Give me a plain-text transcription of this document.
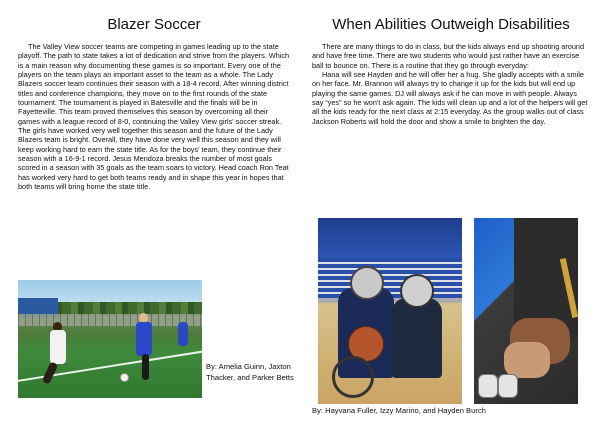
Blazer Soccer

The Valley View soccer teams are competing in games leading up to the state playoff. The path to state takes a lot of dedication and strive from the players. Which is a main reason why documenting these games is so important. Every one of the players on the team plays an important asset to the team as a whole. The Lady Blazers soccer team continues their season with a 18-4 record. After winning district titles and conference champions, they move on to the first rounds of the state tournament. The tournament is played in Batesville and the finals will be in Fayetteville. This team proved themselves this season by overcoming all their games with a league record of 8-0, continuing the Valley View girls' soccer streak. The girls have worked very well together this season and the future of the Lady Blazers team is bright. Overall, they have done very well this season and they will keep working hard to earn the state title. As for the boys' team, they continue their season with a 16-9-1 record. Jesus Mendoza breaks the number of most goals scored in a season with 35 goals as the team soars to victory. Head coach Ron Teat has worked very hard to get both teams ready and in shape this year in hopes that both teams will bring home the state title.

By: Amelia Guinn, Jaxton Thacker, and Parker Betts
When Abilities Outweigh Disabilities

There are many things to do in class, but the kids always end up shooting around and have free time. There are two students who would just rather have an exercise ball to bounce on. There is a routine that they go through everyday:

Hana will see Hayden and he will offer her a hug. She gladly accepts with a smile on her face. Mr. Brannon will always try to change it up for the kids but will end up playing the same games. DJ will always ask if he can move in with people. Always say “yes” so he won't ask again. The kids will clean up and a lot of the helpers will get all the kids ready for the next class at 2:15 everyday. As the group walks out of class Jackson Roberts will hold the door and show a smile to brighten the day.

By: Hayvana Fuller, Izzy Marino, and Hayden Burch
